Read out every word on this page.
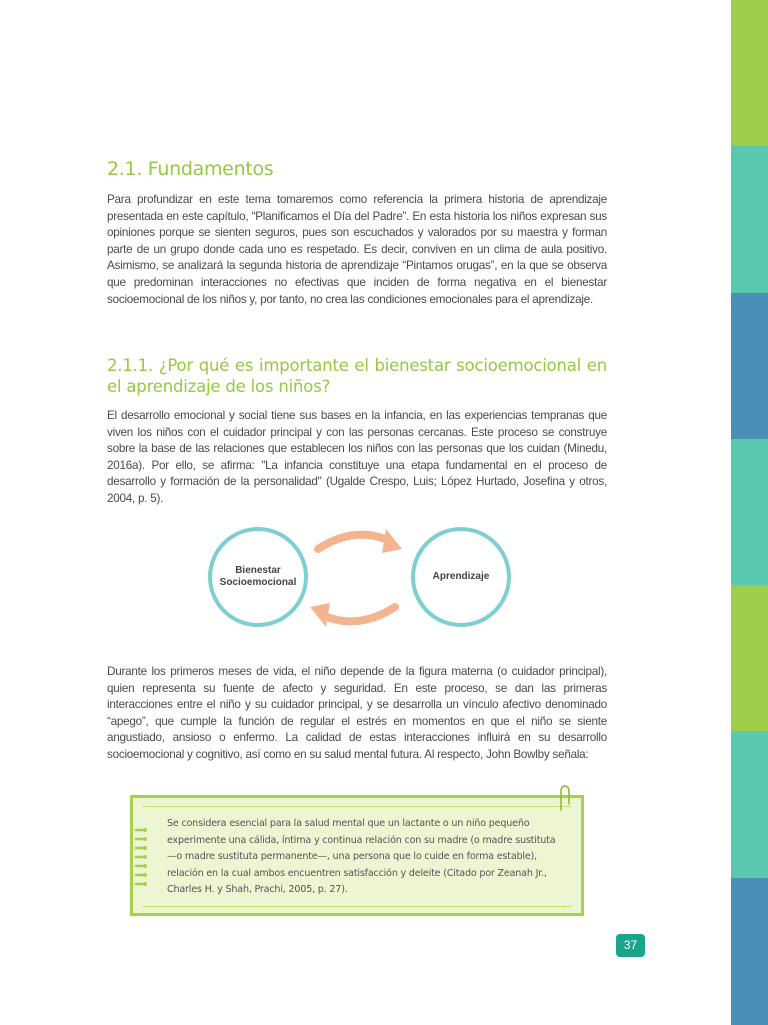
2.1. Fundamentos

Para profundizar en este tema tomaremos como referencia la primera historia de aprendizaje presentada en este capítulo, “Planificamos el Día del Padre”. En esta historia los niños expresan sus opiniones porque se sienten seguros, pues son escuchados y valorados por su maestra y forman parte de un grupo donde cada uno es respetado. Es decir, conviven en un clima de aula positivo. Asimismo, se analizará la segunda historia de aprendizaje “Pintamos orugas”, en la que se observa que predominan interacciones no efectivas que inciden de forma negativa en el bienestar socioemocional de los niños y, por tanto, no crea las condiciones emocionales para el aprendizaje.

2.1.1. ¿Por qué es importante el bienestar socioemocional en el aprendizaje de los niños?

El desarrollo emocional y social tiene sus bases en la infancia, en las experiencias tempranas que viven los niños con el cuidador principal y con las personas cercanas. Este proceso se construye sobre la base de las relaciones que establecen los niños con las personas que los cuidan (Minedu, 2016a). Por ello, se afirma: "La infancia constituye una etapa fundamental en el proceso de desarrollo y formación de la personalidad" (Ugalde Crespo, Luis; López Hurtado, Josefina y otros, 2004, p. 5).

Bienestar
Socioemocional
Aprendizaje

Durante los primeros meses de vida, el niño depende de la figura materna (o cuidador principal), quien representa su fuente de afecto y seguridad. En este proceso, se dan las primeras interacciones entre el niño y su cuidador principal, y se desarrolla un vínculo afectivo denominado “apego”, que cumple la función de regular el estrés en momentos en que el niño se siente angustiado, ansioso o enfermo. La calidad de estas interacciones influirá en su desarrollo socioemocional y cognitivo, así como en su salud mental futura. Al respecto, John Bowlby señala:

Se considera esencial para la salud mental que un lactante o un niño pequeño experimente una cálida, íntima y continua relación con su madre (o madre sustituta —o madre sustituta permanente—, una persona que lo cuide en forma estable), relación en la cual ambos encuentren satisfacción y deleite (Citado por Zeanah Jr., Charles H. y Shah, Prachi, 2005, p. 27).

37
